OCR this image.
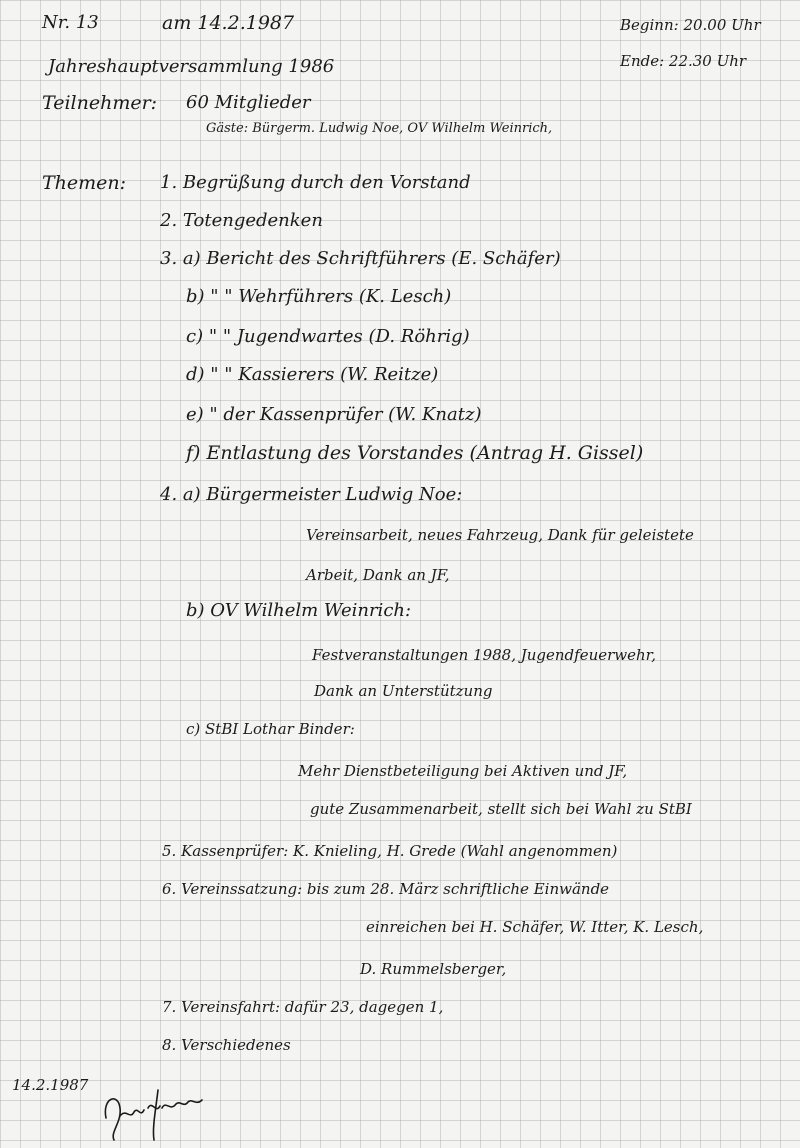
Nr. 13	am 14.2.1987	Beginn: 20.00 Uhr
Ende: 22.30 Uhr
Jahreshauptversammlung 1986
Teilnehmer: 60 Mitglieder
Gäste: Bürgerm. Ludwig Noe, OV Wilhelm Weinrich,
Themen: 1. Begrüßung durch den Vorstand
2. Totengedenken
3. a) Bericht des Schriftführers (E. Schäfer)
b) " " Wehrführers (K. Lesch)
c) " " Jugendwartes (D. Röhrig)
d) " " Kassierers (W. Reitze)
e) " der Kassenprüfer (W. Knatz)
f) Entlastung des Vorstandes (Antrag H. Gissel)
4. a) Bürgermeister Ludwig Noe:
Vereinsarbeit, neues Fahrzeug, Dank für geleistete
Arbeit, Dank an JF,
b) OV Wilhelm Weinrich:
Festveranstaltungen 1988, Jugendfeuerwehr,
Dank an Unterstützung
c) StBI Lothar Binder:
Mehr Dienstbeteiligung bei Aktiven und JF,
gute Zusammenarbeit, stellt sich bei Wahl zu StBI
5. Kassenprüfer: K. Knieling, H. Grede (Wahl angenommen)
6. Vereinssatzung: bis zum 28. März schriftliche Einwände
einreichen bei H. Schäfer, W. Itter, K. Lesch,
D. Rummelsberger,
7. Vereinsfahrt: dafür 23, dagegen 1,
8. Verschiedenes
14.2.1987
